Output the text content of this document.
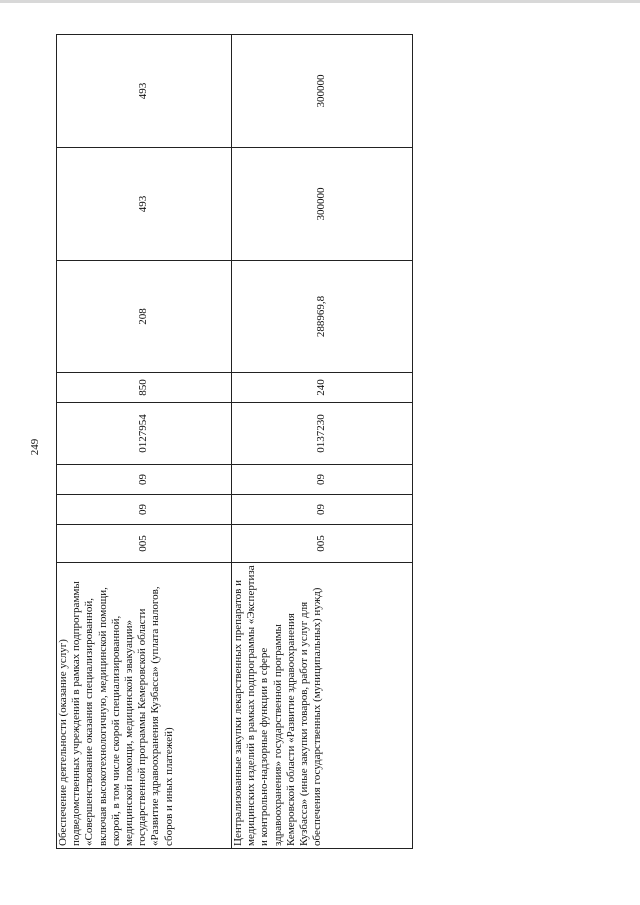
249
Обеспечение деятельности (оказание услуг) подведомственных учреждений в рамках подпрограммы «Совершенствование оказания специализированной, включая высокотехнологичную, медицинской помощи, скорой, в том числе скорой специализированной, медицинской помощи, медицинской эвакуации» государственной программы Кемеровской области «Развитие здравоохранения Кузбасса» (уплата налогов, сборов и иных платежей)	005	09	09	0127954	850	208	493	493
Централизованные закупки лекарственных препаратов и медицинских изделий в рамках подпрограммы «Экспертиза и контрольно-надзорные функции в сфере здравоохранения» государственной программы Кемеровской области «Развитие здравоохранения Кузбасса» (иные закупки товаров, работ и услуг для обеспечения государственных (муниципальных) нужд)	005	09	09	0137230	240	288969,8	300000	300000
